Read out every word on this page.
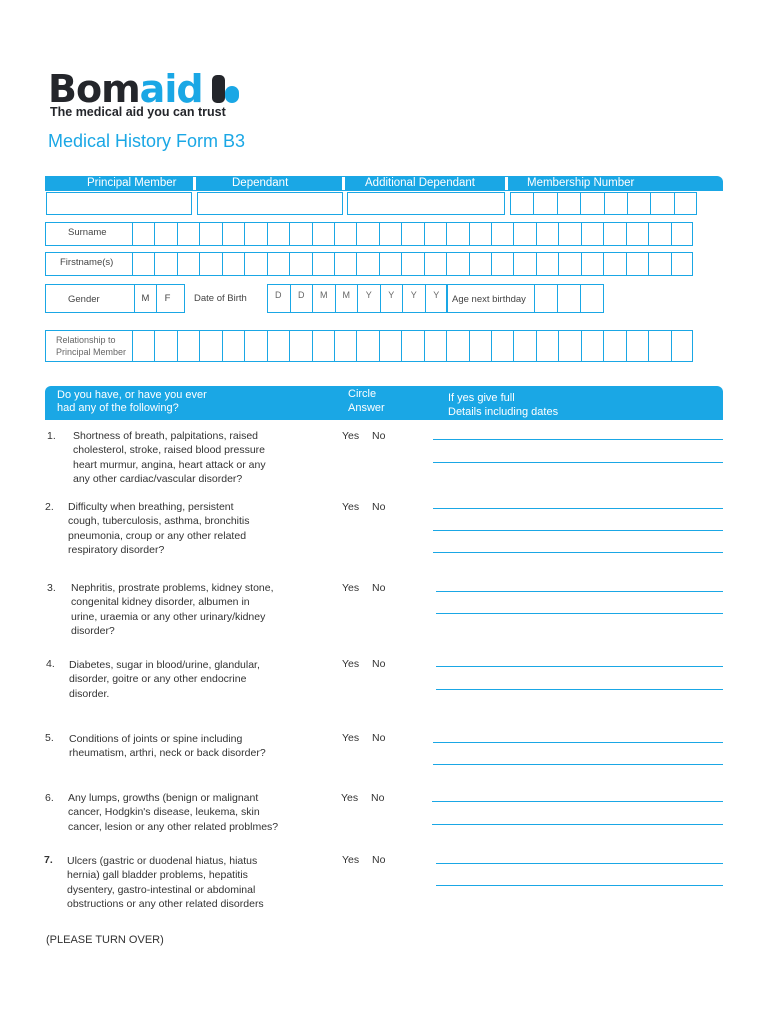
Bomaid
The medical aid you can trust
Medical History Form B3
Principal Member	Dependant	Additional Dependant	Membership Number
Surname
Firstname(s)
Gender	M	F	Date of Birth	D	D	M	M	Y	Y	Y	Y	Age next birthday
Relationship to
Principal Member
Do you have, or have you ever
had any of the following?
Circle
Answer
If yes give full
Details including dates
1. Shortness of breath, palpitations, raised
cholesterol, stroke, raised blood pressure
heart murmur, angina, heart attack or any
any other cardiac/vascular disorder?
Yes No
2. Difficulty when breathing, persistent
cough, tuberculosis, asthma, bronchitis
pneumonia, croup or any other related
respiratory disorder?
Yes No
3. Nephritis, prostrate problems, kidney stone,
congenital kidney disorder, albumen in
urine, uraemia or any other urinary/kidney
disorder?
Yes No
4. Diabetes, sugar in blood/urine, glandular,
disorder, goitre or any other endocrine
disorder.
Yes No
5. Conditions of joints or spine including
rheumatism, arthri, neck or back disorder?
Yes No
6. Any lumps, growths (benign or malignant
cancer, Hodgkin's disease, leukema, skin
cancer, lesion or any other related problmes?
Yes No
7. Ulcers (gastric or duodenal hiatus, hiatus
hernia) gall bladder problems, hepatitis
dysentery, gastro-intestinal or abdominal
obstructions or any other related disorders
Yes No
(PLEASE TURN OVER)
